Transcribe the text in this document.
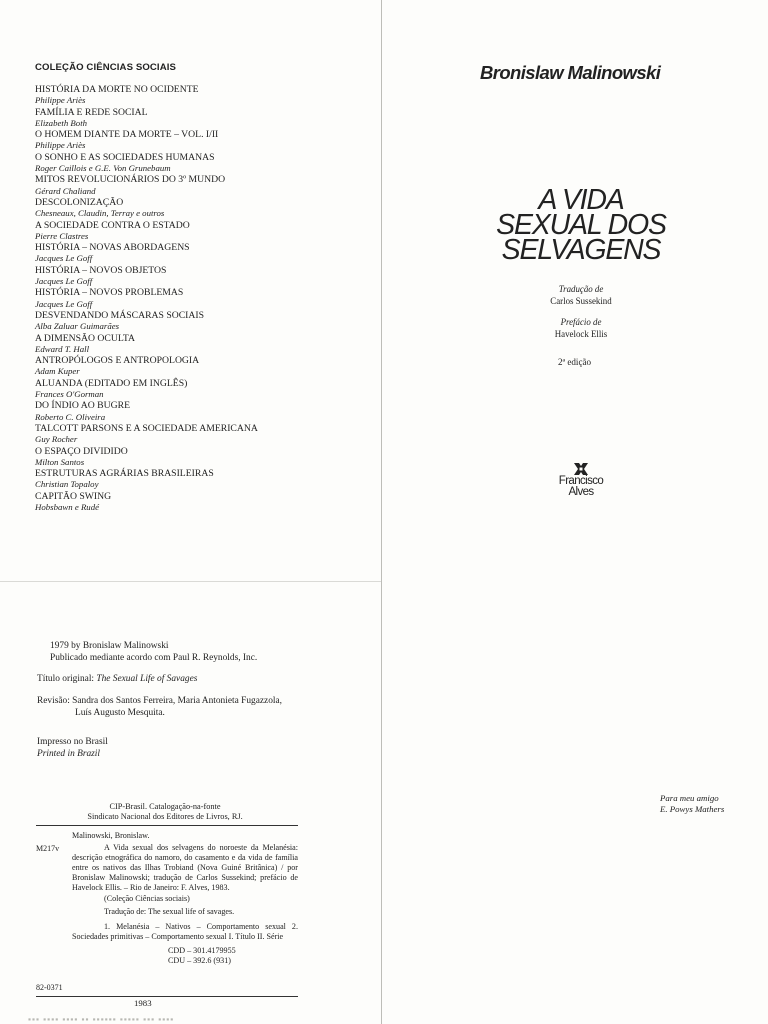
COLEÇÃO CIÊNCIAS SOCIAIS
HISTÓRIA DA MORTE NO OCIDENTE
Philippe Ariès
FAMÍLIA E REDE SOCIAL
Elizabeth Both
O HOMEM DIANTE DA MORTE – VOL. I/II
Philippe Ariès
O SONHO E AS SOCIEDADES HUMANAS
Roger Caillois e G.E. Von Grunebaum
MITOS REVOLUCIONÁRIOS DO 3º MUNDO
Gérard Chaliand
DESCOLONIZAÇÃO
Chesneaux, Claudin, Terray e outros
A SOCIEDADE CONTRA O ESTADO
Pierre Clastres
HISTÓRIA – NOVAS ABORDAGENS
Jacques Le Goff
HISTÓRIA – NOVOS OBJETOS
Jacques Le Goff
HISTÓRIA – NOVOS PROBLEMAS
Jacques Le Goff
DESVENDANDO MÁSCARAS SOCIAIS
Alba Zaluar Guimarães
A DIMENSÃO OCULTA
Edward T. Hall
ANTROPÓLOGOS E ANTROPOLOGIA
Adam Kuper
ALUANDA (EDITADO EM INGLÊS)
Frances O'Gorman
DO ÍNDIO AO BUGRE
Roberto C. Oliveira
TALCOTT PARSONS E A SOCIEDADE AMERICANA
Guy Rocher
O ESPAÇO DIVIDIDO
Milton Santos
ESTRUTURAS AGRÁRIAS BRASILEIRAS
Christian Topaloy
CAPITÃO SWING
Hobsbawn e Rudé
1979 by Bronislaw Malinowski
Publicado mediante acordo com Paul R. Reynolds, Inc.
Título original: The Sexual Life of Savages
Revisão: Sandra dos Santos Ferreira, Maria Antonieta Fugazzola,
Luís Augusto Mesquita.
Impresso no Brasil
Printed in Brazil
CIP-Brasil. Catalogação-na-fonte
Sindicato Nacional dos Editores de Livros, RJ.
M217v
82-0371

Malinowski, Bronislaw.

A Vida sexual dos selvagens do noroeste da Melanésia: descrição etnográfica do namoro, do casamento e da vida de família entre os nativos das Ilhas Trobiand (Nova Guiné Britânica) / por Bronislaw Malinowski; tradução de Carlos Sussekind; prefácio de Havelock Ellis. – Rio de Janeiro: F. Alves, 1983.

(Coleção Ciências sociais)

Tradução de: The sexual life of savages.

1. Melanésia – Nativos – Comportamento sexual 2. Sociedades primitivas – Comportamento sexual I. Título II. Série

CDD – 301.4179955

CDU – 392.6 (931)

1983
▪▪▪ ▪▪▪▪ ▪▪▪▪ ▪▪ ▪▪▪▪▪▪ ▪▪▪▪▪ ▪▪▪ ▪▪▪▪
Bronislaw Malinowski
A VIDA
SEXUAL DOS
SELVAGENS
Tradução de
Carlos Sussekind
Prefácio de
Havelock Ellis
2ª edição
Francisco
Alves
Para meu amigo
E. Powys Mathers
